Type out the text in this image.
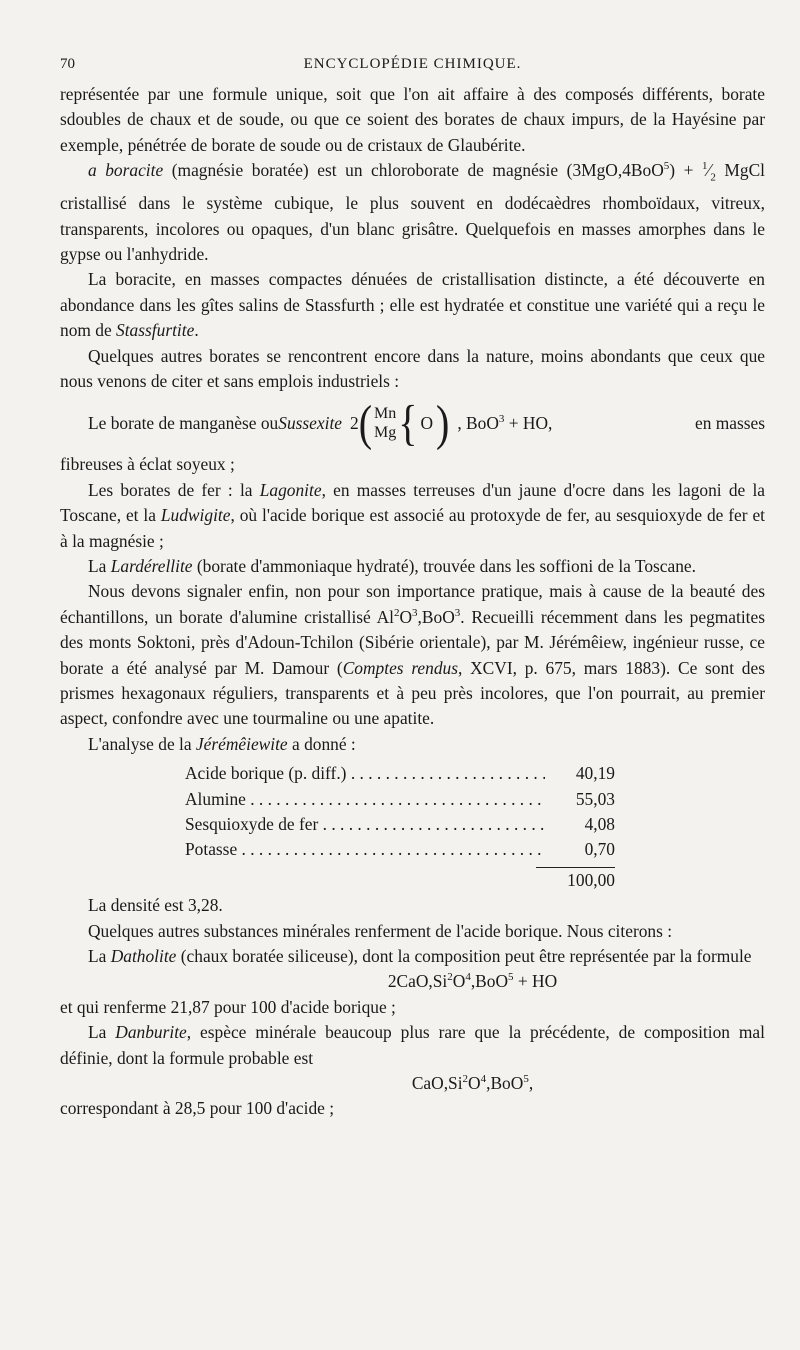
70	ENCYCLOPÉDIE CHIMIQUE.

représentée par une formule unique, soit que l'on ait affaire à des composés différents, borate sdoubles de chaux et de soude, ou que ce soient des borates de chaux impurs, de la Hayésine par exemple, pénétrée de borate de soude ou de cristaux de Glaubérite.

a boracite (magnésie boratée) est un chloroborate de magnésie $(3MgO,4BoO^5) + ^1⁄_2$ MgCl cristallisé dans le système cubique, le plus souvent en dodécaèdres rhomboïdaux, vitreux, transparents, incolores ou opaques, d'un blanc grisâtre. Quelquefois en masses amorphes dans le gypse ou l'anhydride.

La boracite, en masses compactes dénuées de cristallisation distincte, a été découverte en abondance dans les gîtes salins de Stassfurth ; elle est hydratée et constitue une variété qui a reçu le nom de Stassfurtite.

Quelques autres borates se rencontrent encore dans la nature, moins abondants que ceux que nous venons de citer et sans emplois industriels :

Le borate de manganèse ou Sussexite 2 ( Mn
Mg { O ) , BoO$^3$ + HO,	en masses

fibreuses à éclat soyeux ;

Les borates de fer : la Lagonite, en masses terreuses d'un jaune d'ocre dans les lagoni de la Toscane, et la Ludwigite, où l'acide borique est associé au protoxyde de fer, au sesquioxyde de fer et à la magnésie ;

La Lardérellite (borate d'ammoniaque hydraté), trouvée dans les soffioni de la Toscane.

Nous devons signaler enfin, non pour son importance pratique, mais à cause de la beauté des échantillons, un borate d'alumine cristallisé $Al^2O^3,BoO^3$. Recueilli récemment dans les pegmatites des monts Soktoni, près d'Adoun-Tchilon (Sibérie orientale), par M. Jérémêiew, ingénieur russe, ce borate a été analysé par M. Damour (Comptes rendus, XCVI, p. 675, mars 1883). Ce sont des prismes hexagonaux réguliers, transparents et à peu près incolores, que l'on pourrait, au premier aspect, confondre avec une tourmaline ou une apatite.

L'analyse de la Jérémêiewite a donné :

Acide borique (p. diff.) . . .	40,19
Alumine . . .	55,03
Sesquioxyde de fer . . .	4,08
Potasse . . .	0,70
100,00

La densité est 3,28.

Quelques autres substances minérales renferment de l'acide borique. Nous citerons :

La Datholite (chaux boratée siliceuse), dont la composition peut être représentée par la formule

$2CaO,Si^2O^4,BoO^5$ + HO

et qui renferme 21,87 pour 100 d'acide borique ;

La Danburite, espèce minérale beaucoup plus rare que la précédente, de composition mal définie, dont la formule probable est

$CaO,Si^2O^4,BoO^5$,

correspondant à 28,5 pour 100 d'acide ;
